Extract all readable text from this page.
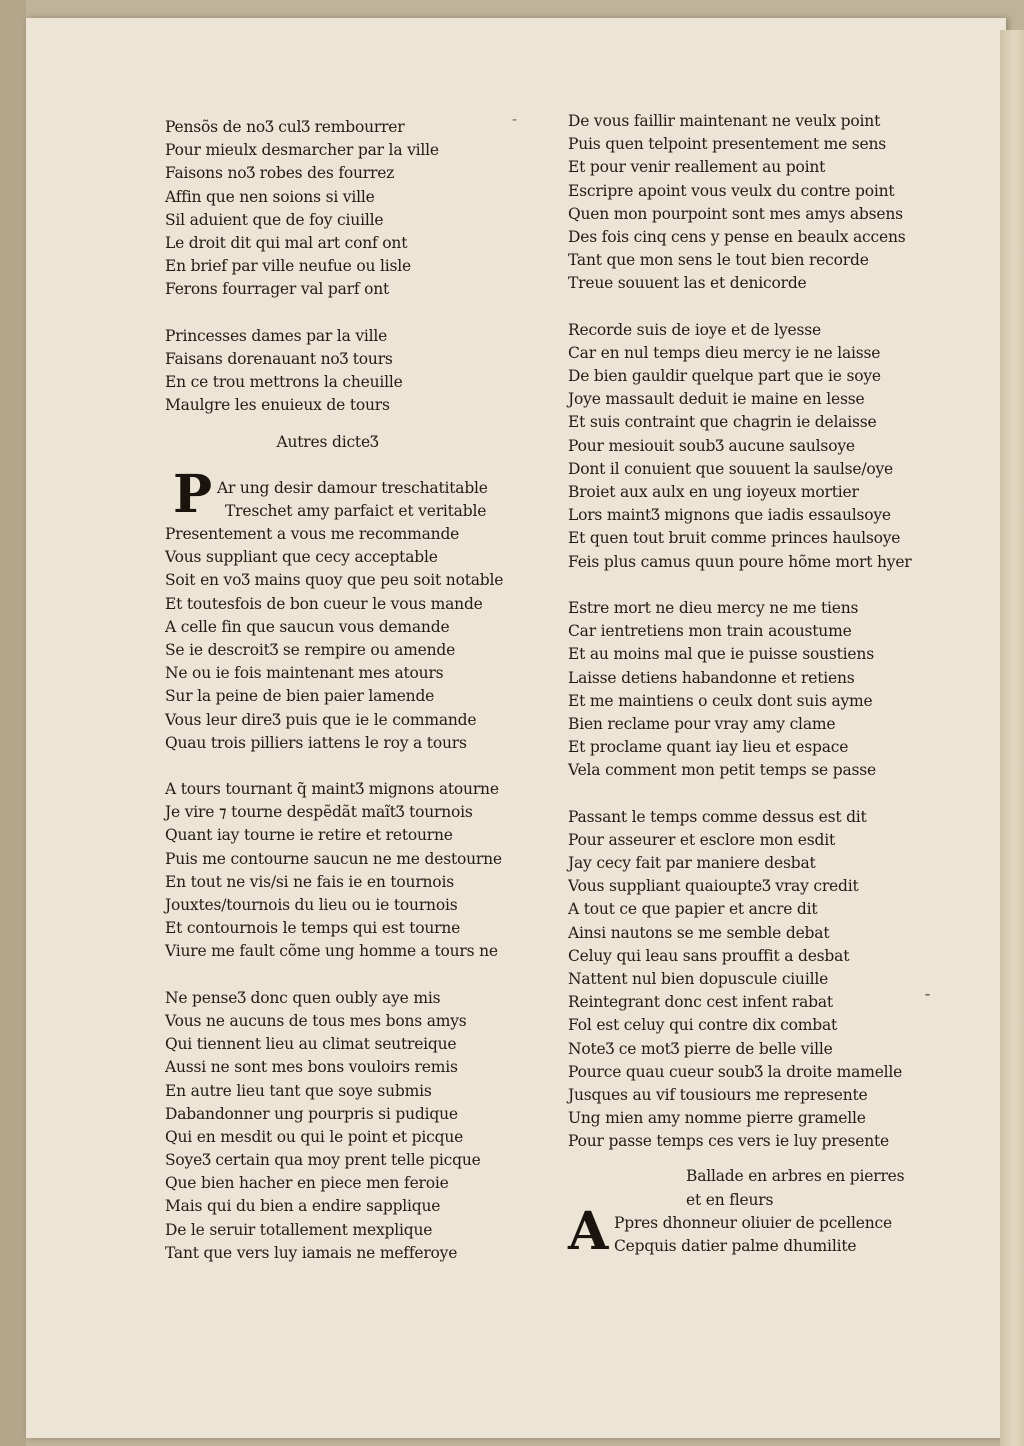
Pensõs de noƷ culƷ rembourrer
Pour mieulx desmarcher par la ville
Faisons noƷ robes des fourrez
Affin que nen soions si ville
Sil aduient que de foy ciuille
Le droit dit qui mal art conf ont
En brief par ville neufue ou lisle
Ferons fourrager val parf ont
Princesses dames par la ville
Faisans dorenauant noƷ tours
En ce trou mettrons la cheuille
Maulgre les enuieux de tours
Autres dicteƷ
P Ar ung desir damour treschatitable
Treschet amy parfaict et veritable
Presentement a vous me recommande
Vous suppliant que cecy acceptable
Soit en voƷ mains quoy que peu soit notable
Et toutesfois de bon cueur le vous mande
A celle fin que saucun vous demande
Se ie descroitƷ se rempire ou amende
Ne ou ie fois maintenant mes atours
Sur la peine de bien paier lamende
Vous leur direƷ puis que ie le commande
Quau trois pilliers iattens le roy a tours
A tours tournant q̃ maintƷ mignons atourne
Je vire ⁊ tourne despẽdãt maĩtƷ tournois
Quant iay tourne ie retire et retourne
Puis me contourne saucun ne me destourne
En tout ne vis/si ne fais ie en tournois
Jouxtes/tournois du lieu ou ie tournois
Et contournois le temps qui est tourne
Viure me fault cõme ung homme a tours ne
Ne penseƷ donc quen oubly aye mis
Vous ne aucuns de tous mes bons amys
Qui tiennent lieu au climat seutreique
Aussi ne sont mes bons vouloirs remis
En autre lieu tant que soye submis
Dabandonner ung pourpris si pudique
Qui en mesdit ou qui le point et picque
SoyeƷ certain qua moy prent telle picque
Que bien hacher en piece men feroie
Mais qui du bien a endire sapplique
De le seruir totallement mexplique
Tant que vers luy iamais ne mefferoye
De vous faillir maintenant ne veulx point
Puis quen telpoint presentement me sens
Et pour venir reallement au point
Escripre apoint vous veulx du contre point
Quen mon pourpoint sont mes amys absens
Des fois cinq cens y pense en beaulx accens
Tant que mon sens le tout bien recorde
Treue souuent las et denicorde
Recorde suis de ioye et de lyesse
Car en nul temps dieu mercy ie ne laisse
De bien gauldir quelque part que ie soye
Joye massault deduit ie maine en lesse
Et suis contraint que chagrin ie delaisse
Pour mesiouit soubƷ aucune saulsoye
Dont il conuient que souuent la saulse/oye
Broiet aux aulx en ung ioyeux mortier
Lors maintƷ mignons que iadis essaulsoye
Et quen tout bruit comme princes haulsoye
Feis plus camus quun poure hõme mort hyer
Estre mort ne dieu mercy ne me tiens
Car ientretiens mon train acoustume
Et au moins mal que ie puisse soustiens
Laisse detiens habandonne et retiens
Et me maintiens o ceulx dont suis ayme
Bien reclame pour vray amy clame
Et proclame quant iay lieu et espace
Vela comment mon petit temps se passe
Passant le temps comme dessus est dit
Pour asseurer et esclore mon esdit
Jay cecy fait par maniere desbat
Vous suppliant quaioupteƷ vray credit
A tout ce que papier et ancre dit
Ainsi nautons se me semble debat
Celuy qui leau sans prouffit a desbat
Nattent nul bien dopuscule ciuille
Reintegrant donc cest infent rabat
Fol est celuy qui contre dix combat
NoteƷ ce motƷ pierre de belle ville
Pource quau cueur soubƷ la droite mamelle
Jusques au vif tousiours me represente
Ung mien amy nomme pierre gramelle
Pour passe temps ces vers ie luy presente
Ballade en arbres en pierres
et en fleurs
A Ppres dhonneur oliuier de pcellence
Cepquis datier palme dhumilite
-
⁃
